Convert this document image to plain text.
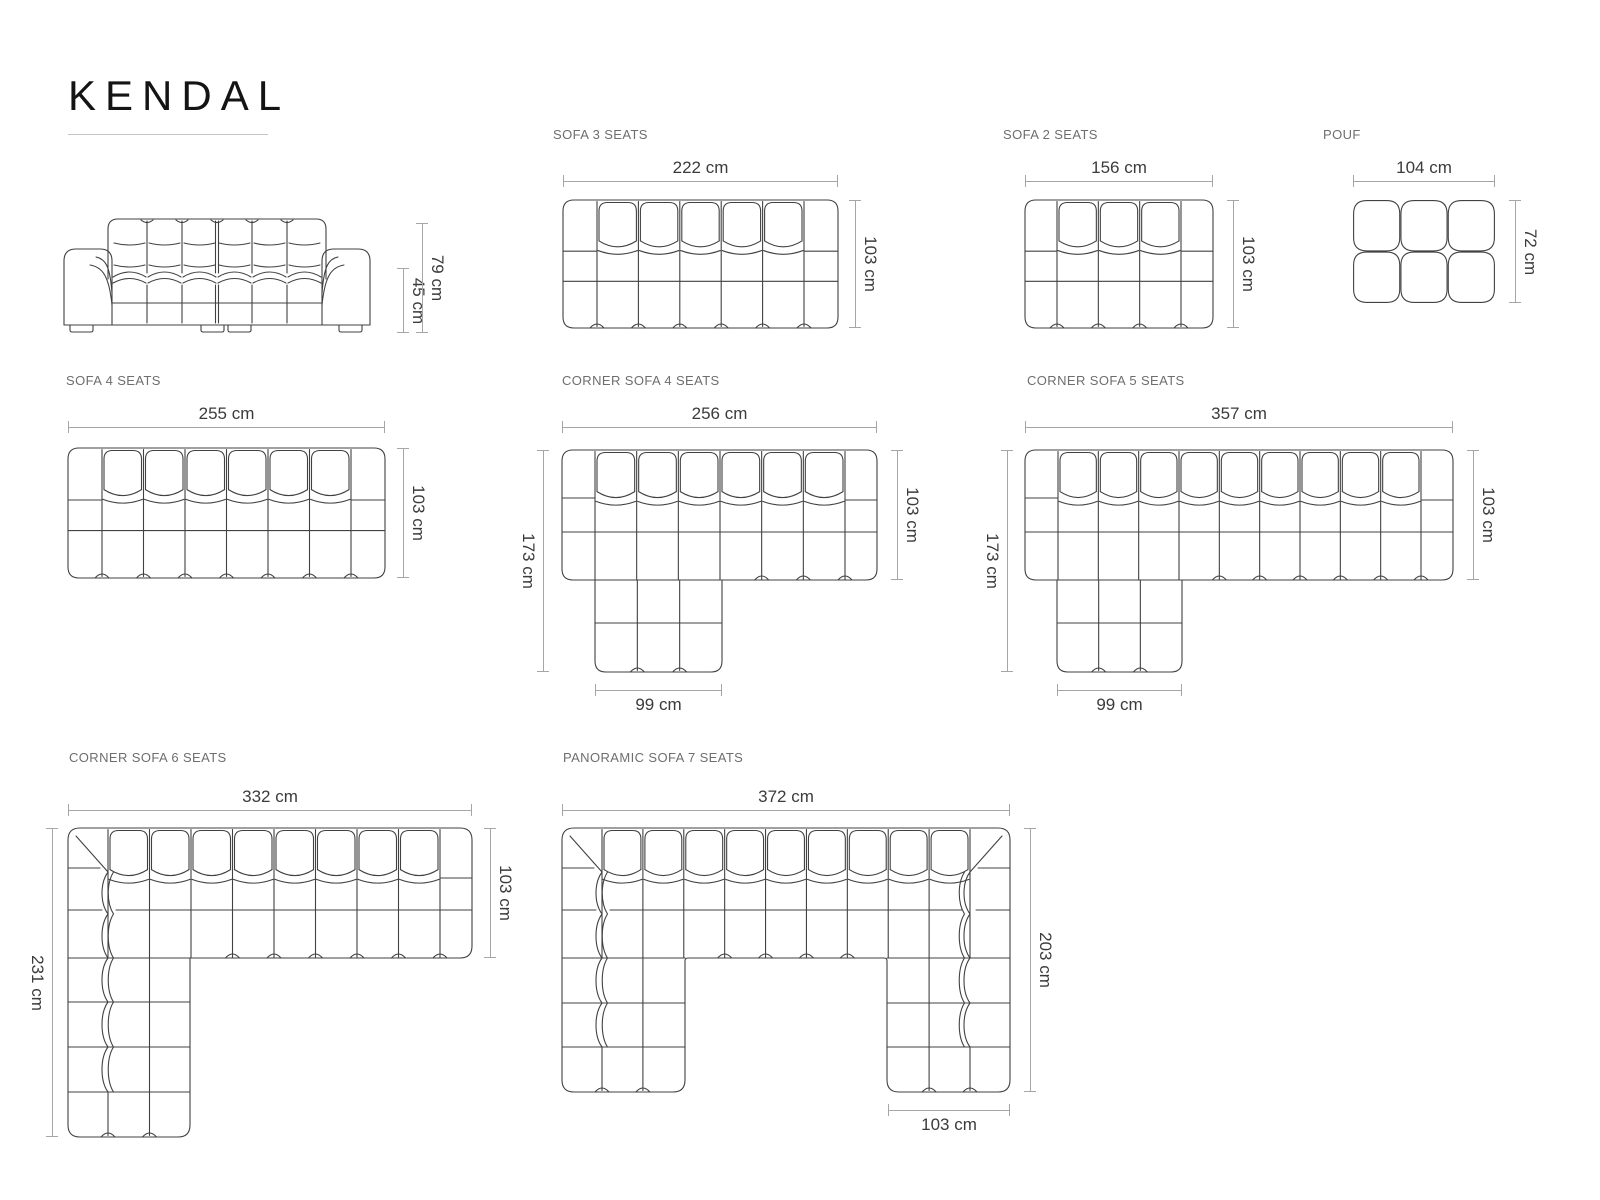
KENDAL
45 cm 79 cm
SOFA 3 SEATS
222 cm
103 cm
SOFA 2 SEATS
156 cm
103 cm
POUF
104 cm
72 cm
SOFA 4 SEATS
255 cm
103 cm
CORNER SOFA 4 SEATS
256 cm
173 cm
103 cm
99 cm
CORNER SOFA 5 SEATS
357 cm
173 cm
103 cm
99 cm
CORNER SOFA 6 SEATS
332 cm
231 cm
103 cm
PANORAMIC SOFA 7 SEATS
372 cm
203 cm
103 cm
